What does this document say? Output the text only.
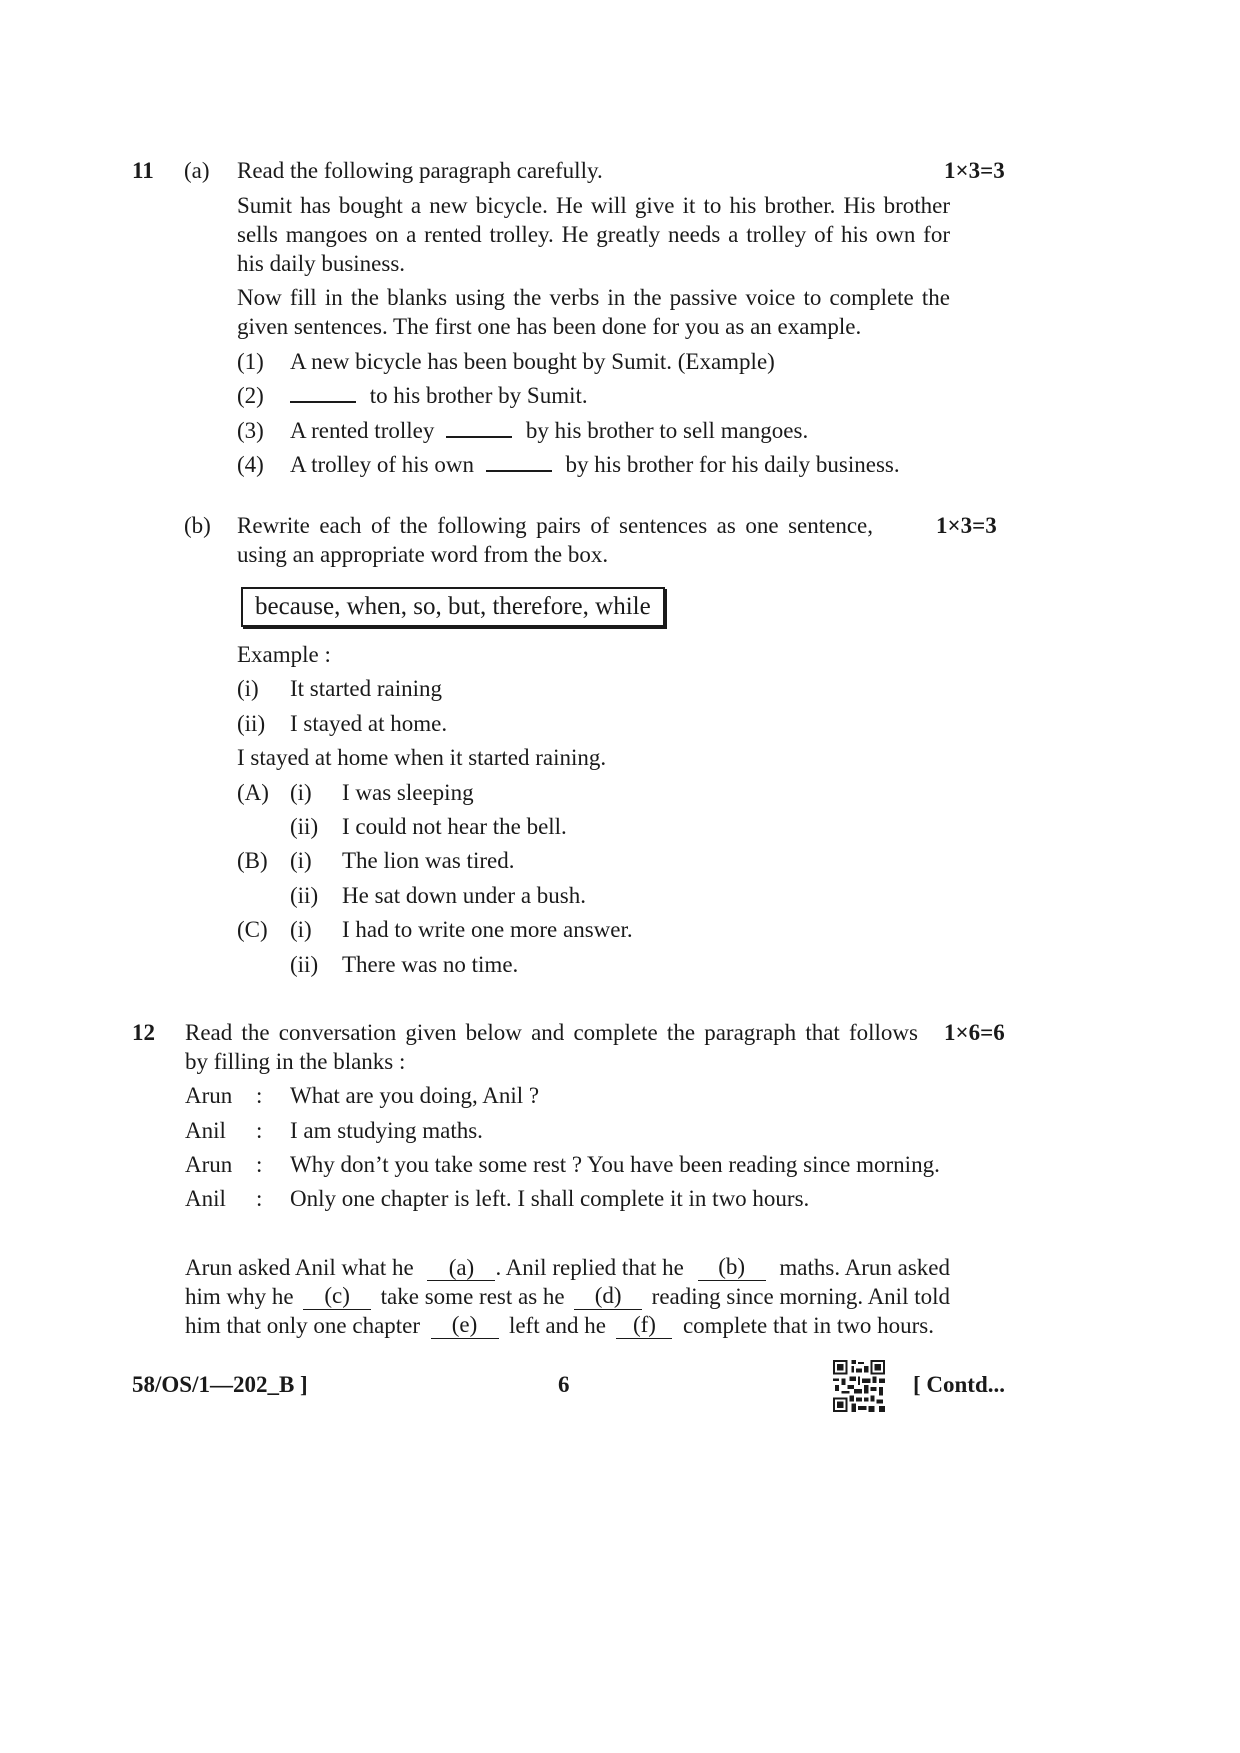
11 (a) Read the following paragraph carefully.	1×3=3
Sumit has bought a new bicycle. He will give it to his brother. His brother
sells mangoes on a rented trolley. He greatly needs a trolley of his own for
his daily business.
Now fill in the blanks using the verbs in the passive voice to complete the
given sentences. The first one has been done for you as an example.
(1) A new bicycle has been bought by Sumit. (Example)
(2)	to his brother by Sumit.
(3) A rented trolley	by his brother to sell mangoes.
(4) A trolley of his own	by his brother for his daily business.
(b) Rewrite each of the following pairs of sentences as one sentence,	1×3=3
using an appropriate word from the box.
because, when, so, but, therefore, while
Example :
(i) It started raining
(ii) I stayed at home.
I stayed at home when it started raining.
(A) (i) I was sleeping
(ii) I could not hear the bell.
(B) (i) The lion was tired.
(ii) He sat down under a bush.
(C) (i) I had to write one more answer.
(ii) There was no time.
12 Read the conversation given below and complete the paragraph that follows 1×6=6
by filling in the blanks :
Arun : What are you doing, Anil ?
Anil : I am studying maths.
Arun : Why don’t you take some rest ? You have been reading since morning.
Anil : Only one chapter is left. I shall complete it in two hours.
Arun asked Anil what he	(a) . Anil replied that he	(b)	maths. Arun asked
him why he	(c)	take some rest as he	(d)	reading since morning. Anil told
him that only one chapter	(e)	left and he	(f)	complete that in two hours.
58/OS/1—202_B ]	6	[ Contd...
